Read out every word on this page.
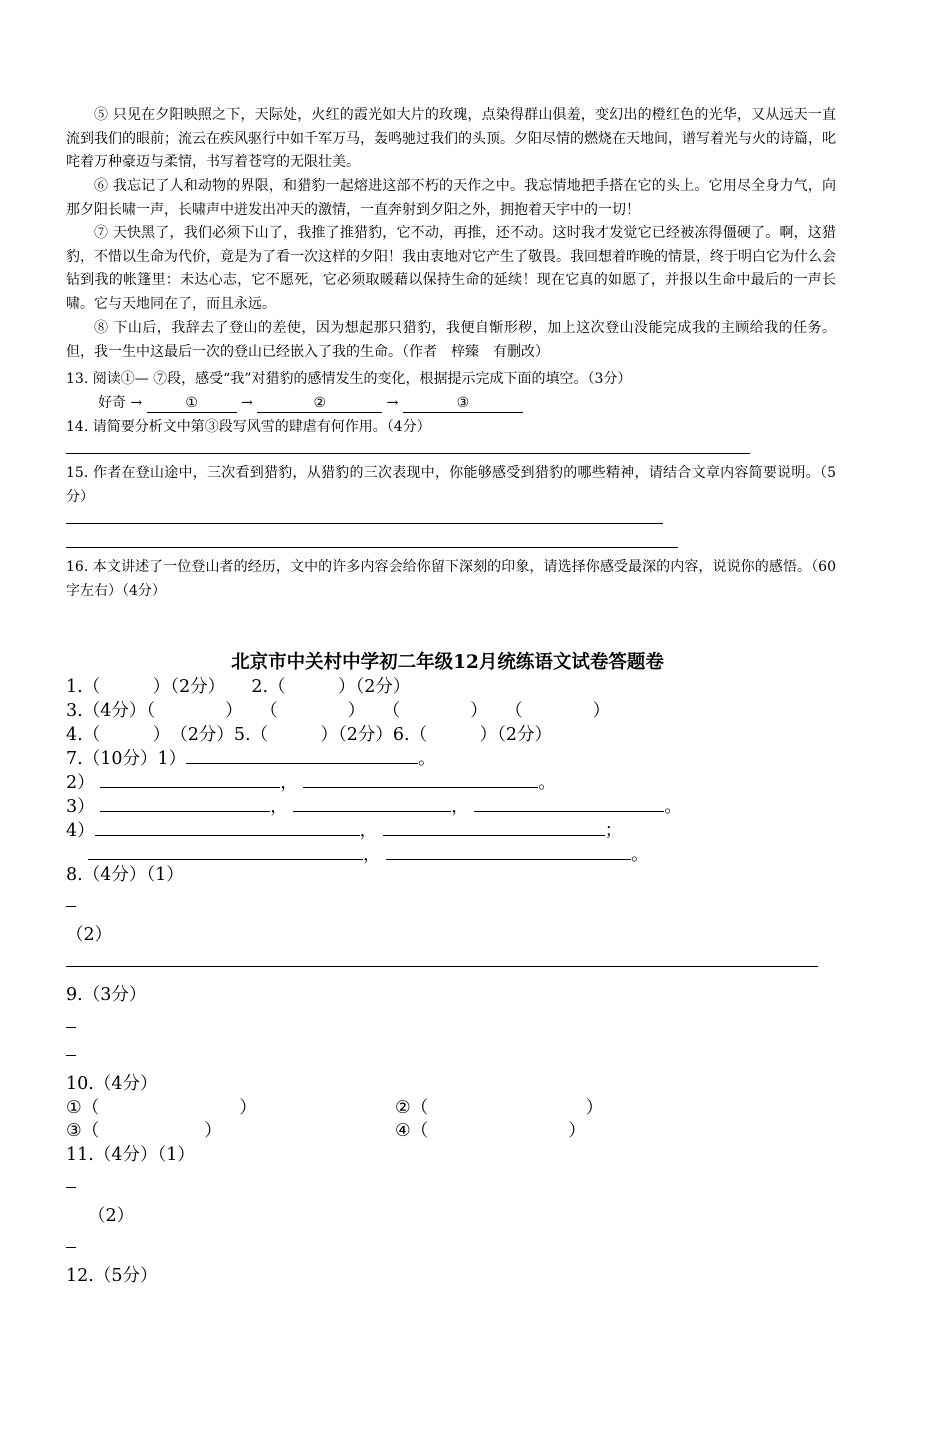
⑤ 只见在夕阳映照之下，天际处，火红的霞光如大片的玫瑰，点染得群山俱羞，变幻出的橙红色的光华，又从远天一直流到我们的眼前；流云在疾风驱行中如千军万马，轰鸣驰过我们的头顶。夕阳尽情的燃烧在天地间，谱写着光与火的诗篇，叱咤着万种豪迈与柔情，书写着苍穹的无限壮美。
⑥ 我忘记了人和动物的界限，和猎豹一起熔进这部不朽的天作之中。我忘情地把手搭在它的头上。它用尽全身力气，向那夕阳长啸一声，长啸声中迸发出冲天的激情，一直奔射到夕阳之外，拥抱着天宇中的一切！
⑦ 天快黑了，我们必须下山了，我推了推猎豹，它不动，再推，还不动。这时我才发觉它已经被冻得僵硬了。啊，这猎豹，不惜以生命为代价，竟是为了看一次这样的夕阳！我由衷地对它产生了敬畏。我回想着昨晚的情景，终于明白它为什么会钻到我的帐篷里：未达心志，它不愿死，它必须取暖藉以保持生命的延续！现在它真的如愿了，并报以生命中最后的一声长啸。它与天地同在了，而且永远。
⑧ 下山后，我辞去了登山的差使，因为想起那只猎豹，我便自惭形秽，加上这次登山没能完成我的主顾给我的任务。但，我一生中这最后一次的登山已经嵌入了我的生命。（作者　梓臻　有删改）
13. 阅读①— ⑦段，感受“我”对猎豹的感情发生的变化，根据提示完成下面的填空。（3分）
好奇 →	①	→	②	→	③
14. 请简要分析文中第③段写风雪的肆虐有何作用。（4分）
15. 作者在登山途中，三次看到猎豹，从猎豹的三次表现中，你能够感受到猎豹的哪些精神，请结合文章内容简要说明。（5分）
16. 本文讲述了一位登山者的经历，文中的许多内容会给你留下深刻的印象，请选择你感受最深的内容，说说你的感悟。（60字左右）（4分）
北京市中关村中学初二年级12月统练语文试卷答题卷
1.（　　　）（2分）　　2.（　　　）（2分）
3.（4分）（　　　　）　　（　　　　）　　（　　　　）　　（　　　　）
4.（　　　）　（2分）5.（　　　）（2分）6.（　　　）（2分）
7.（10分）1）	。
2）	，	。
3）	，	，	。
4）	，	；
，	。
8.（4分）（1）
（2）
9.（3分）
10.（4分）
①（　　　　　　　　）	②（　　　　　　　　　）
③（　　　　　　）	④（　　　　　　　　）
11.（4分）（1）
（2）
12.（5分）
